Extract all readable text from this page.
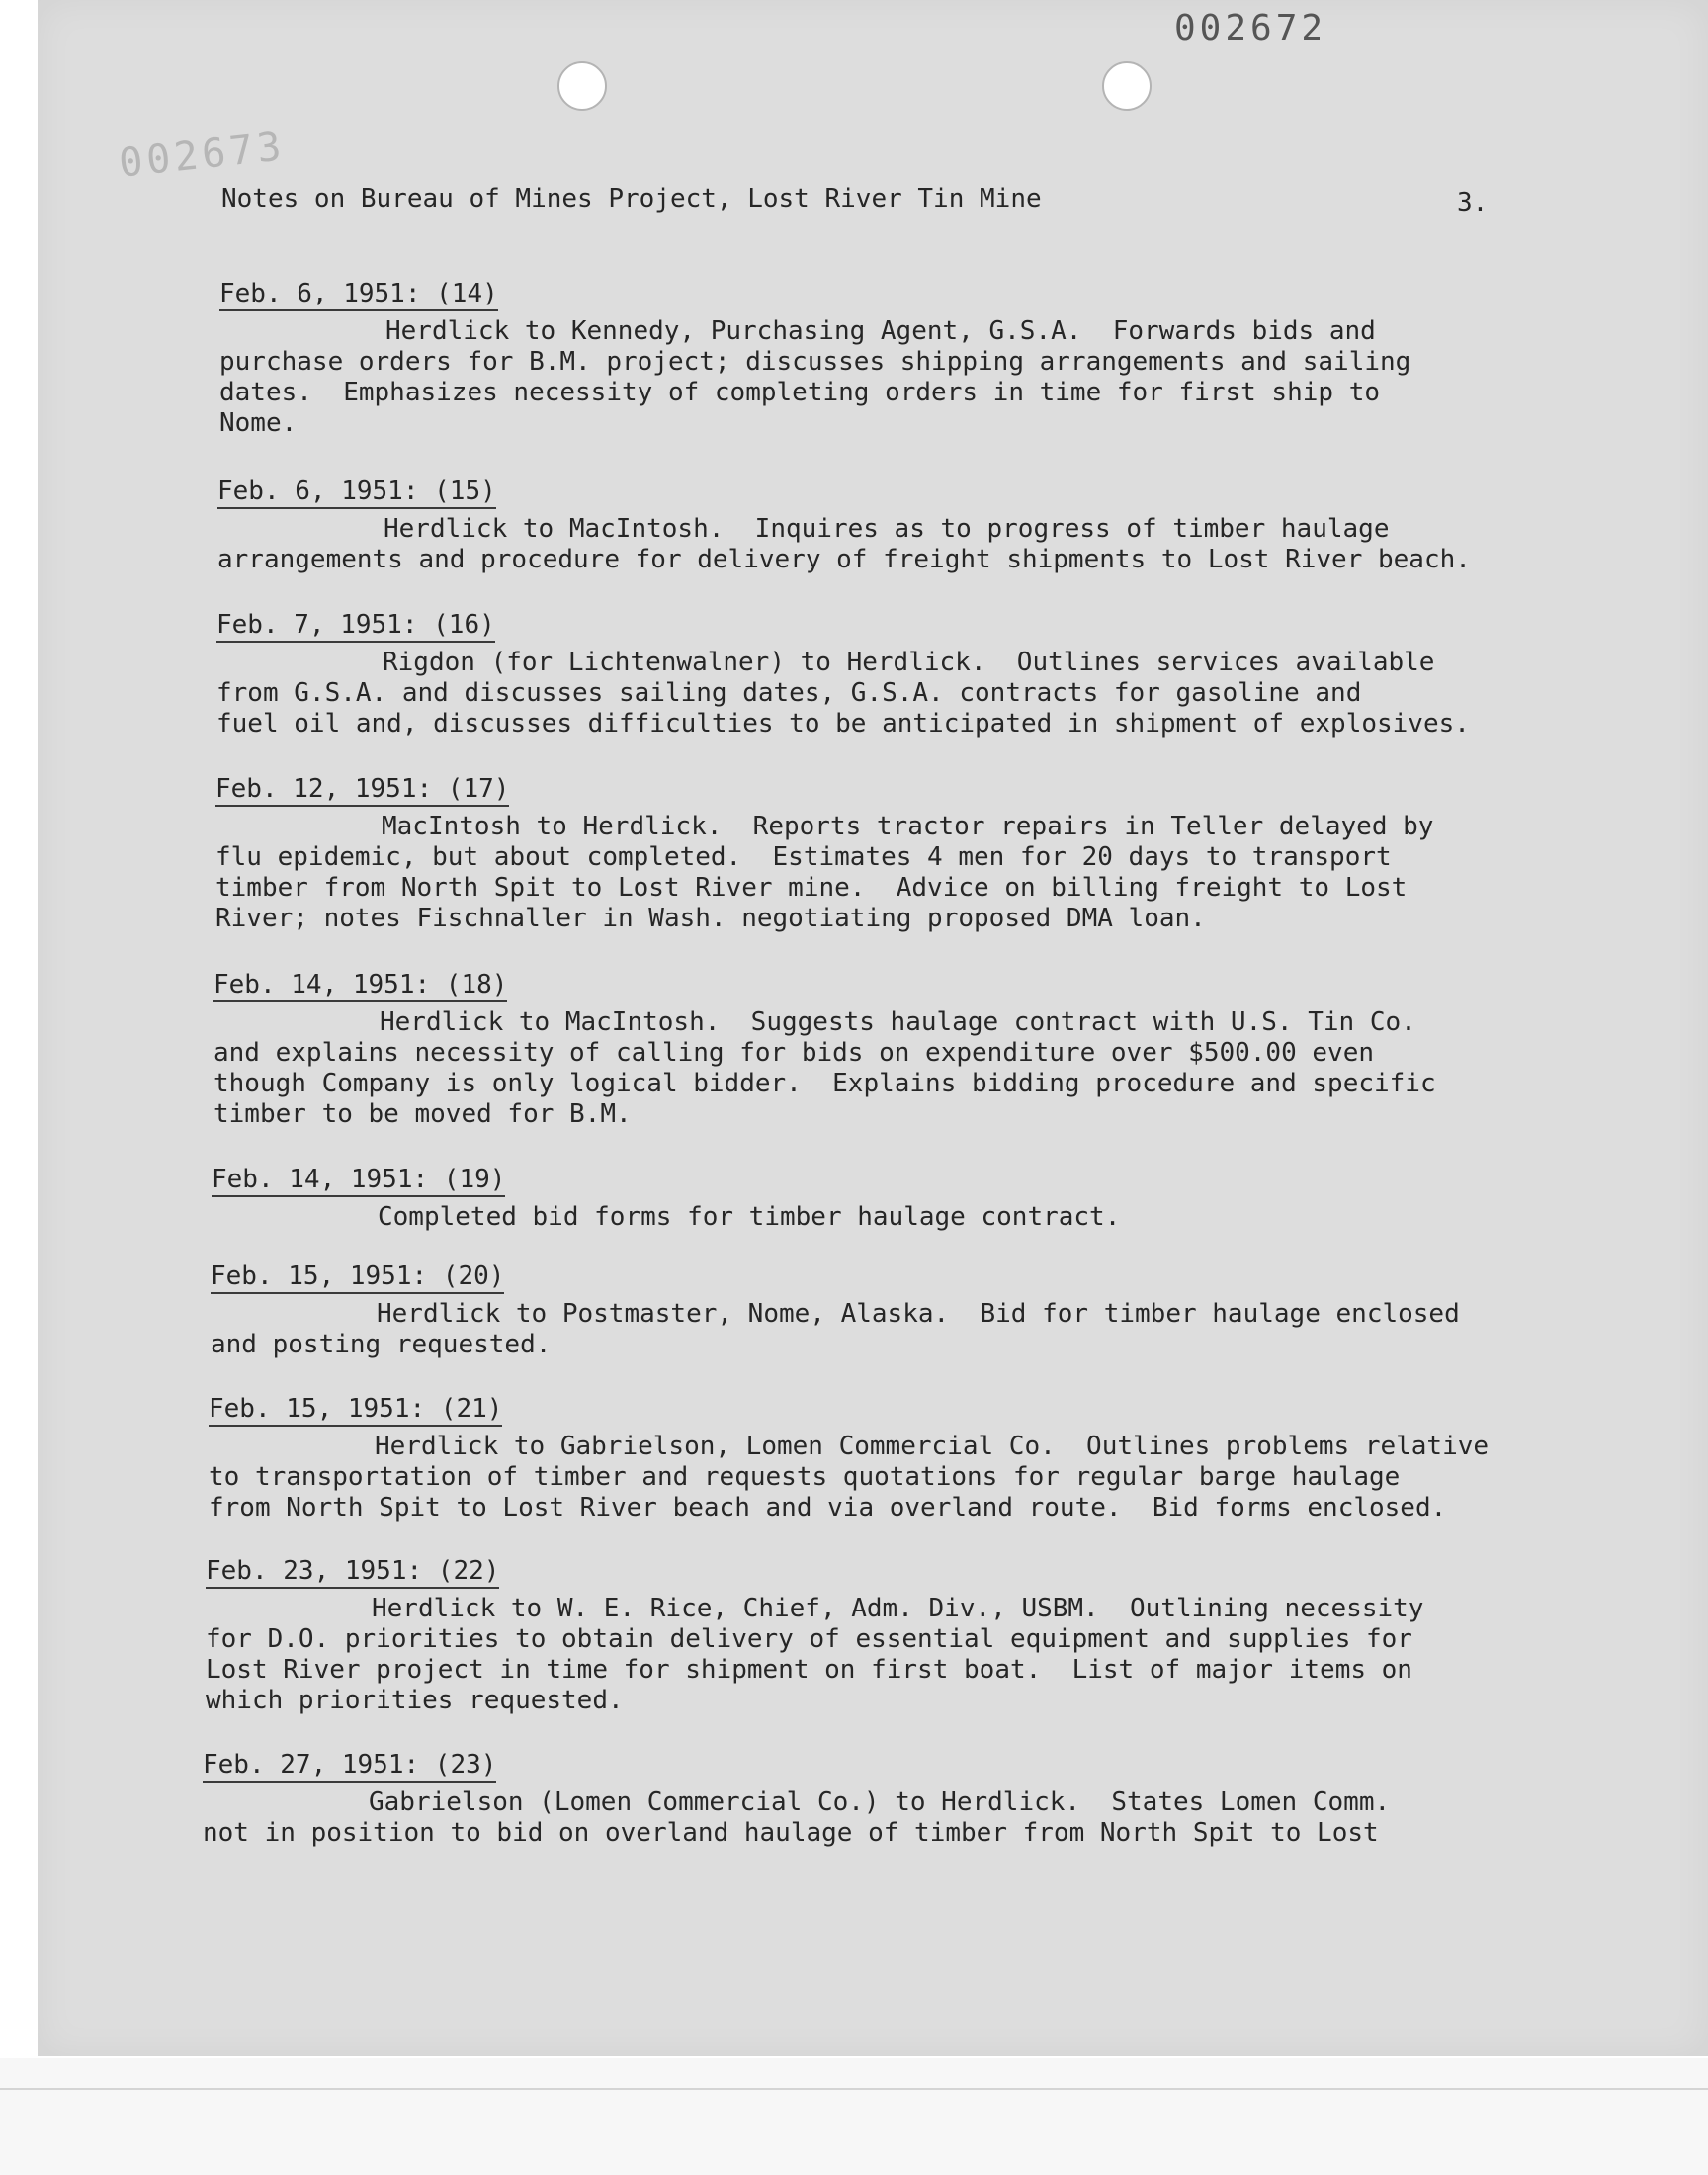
002672
002673
Notes on Bureau of Mines Project, Lost River Tin Mine	3.
Feb. 6, 1951: (14)
Herdlick to Kennedy, Purchasing Agent, G.S.A.  Forwards bids and
purchase orders for B.M. project; discusses shipping arrangements and sailing
dates.  Emphasizes necessity of completing orders in time for first ship to
Nome.
Feb. 6, 1951: (15)
Herdlick to MacIntosh.  Inquires as to progress of timber haulage
arrangements and procedure for delivery of freight shipments to Lost River beach.
Feb. 7, 1951: (16)
Rigdon (for Lichtenwalner) to Herdlick.  Outlines services available
from G.S.A. and discusses sailing dates, G.S.A. contracts for gasoline and
fuel oil and, discusses difficulties to be anticipated in shipment of explosives.
Feb. 12, 1951: (17)
MacIntosh to Herdlick.  Reports tractor repairs in Teller delayed by
flu epidemic, but about completed.  Estimates 4 men for 20 days to transport
timber from North Spit to Lost River mine.  Advice on billing freight to Lost
River; notes Fischnaller in Wash. negotiating proposed DMA loan.
Feb. 14, 1951: (18)
Herdlick to MacIntosh.  Suggests haulage contract with U.S. Tin Co.
and explains necessity of calling for bids on expenditure over $500.00 even
though Company is only logical bidder.  Explains bidding procedure and specific
timber to be moved for B.M.
Feb. 14, 1951: (19)
Completed bid forms for timber haulage contract.
Feb. 15, 1951: (20)
Herdlick to Postmaster, Nome, Alaska.  Bid for timber haulage enclosed
and posting requested.
Feb. 15, 1951: (21)
Herdlick to Gabrielson, Lomen Commercial Co.  Outlines problems relative
to transportation of timber and requests quotations for regular barge haulage
from North Spit to Lost River beach and via overland route.  Bid forms enclosed.
Feb. 23, 1951: (22)
Herdlick to W. E. Rice, Chief, Adm. Div., USBM.  Outlining necessity
for D.O. priorities to obtain delivery of essential equipment and supplies for
Lost River project in time for shipment on first boat.  List of major items on
which priorities requested.
Feb. 27, 1951: (23)
Gabrielson (Lomen Commercial Co.) to Herdlick.  States Lomen Comm.
not in position to bid on overland haulage of timber from North Spit to Lost
